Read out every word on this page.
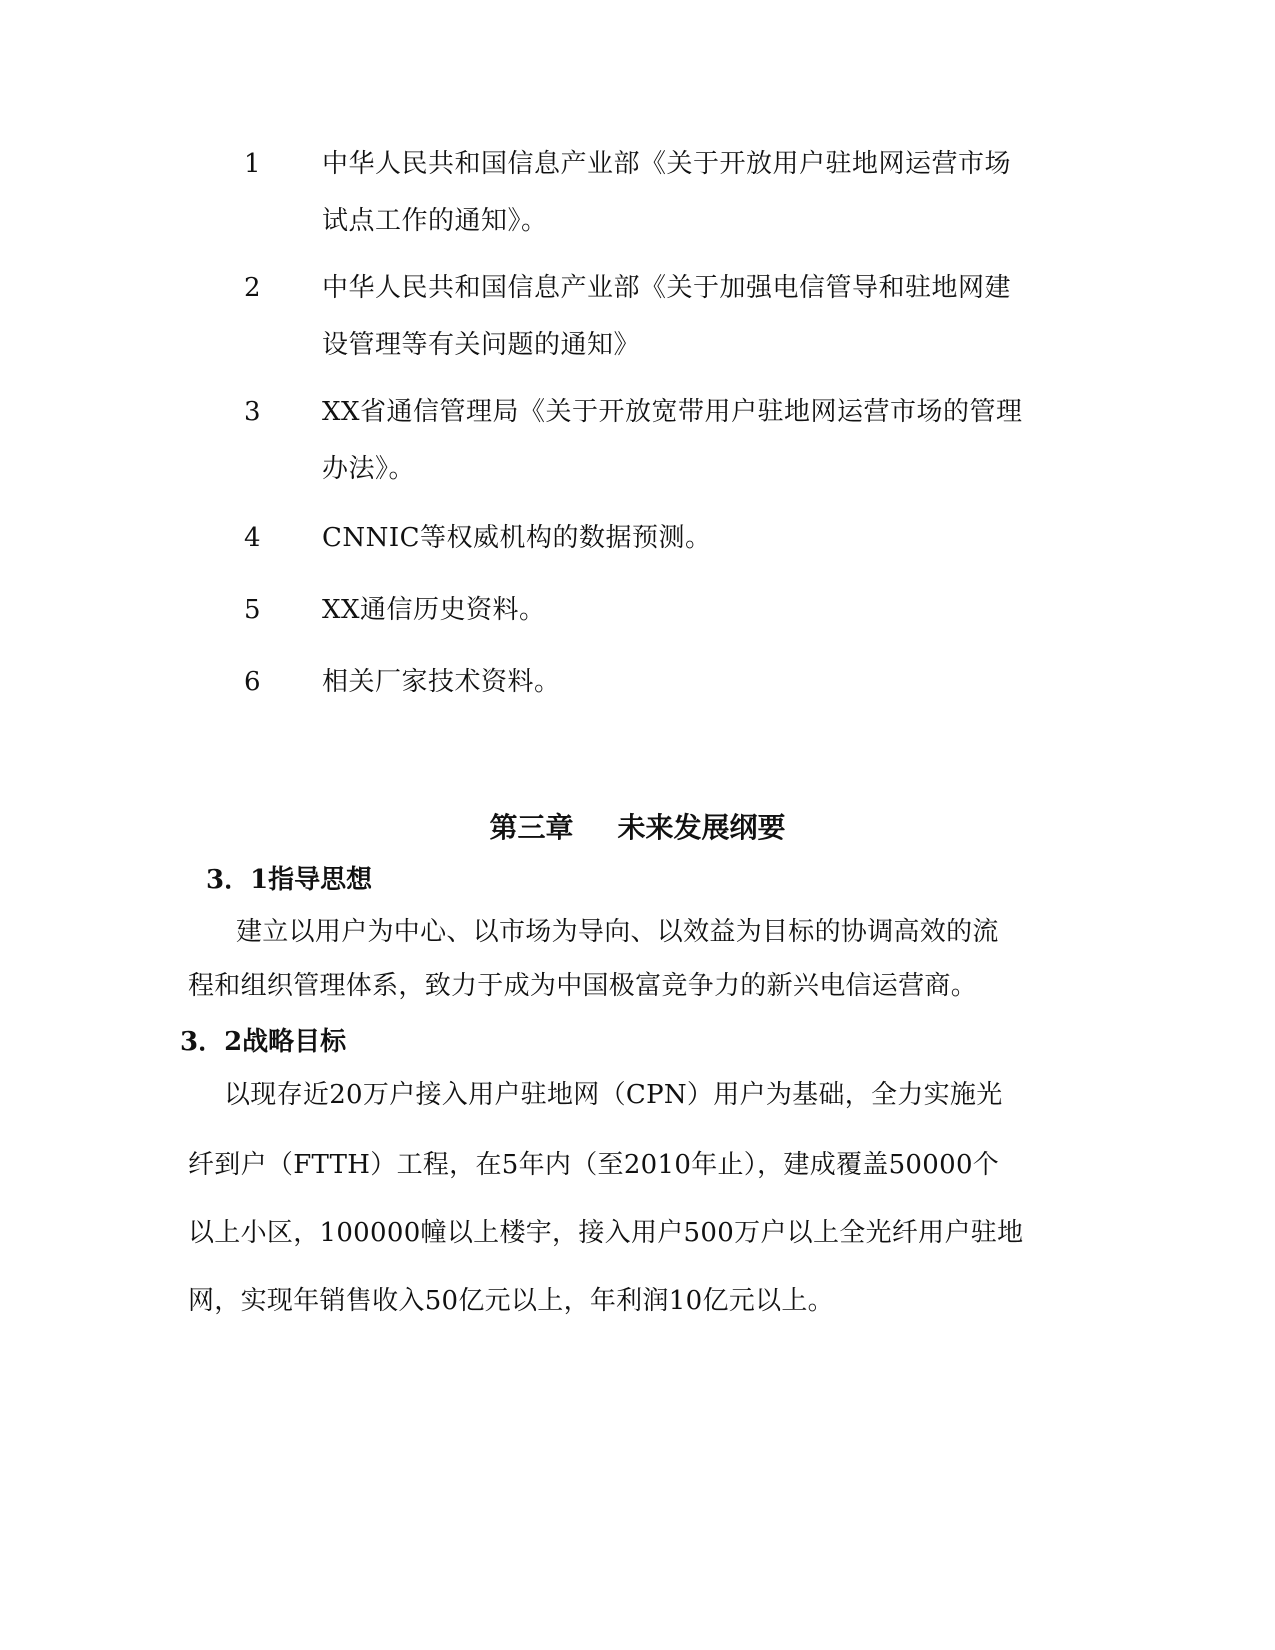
1	中华人民共和国信息产业部《关于开放用户驻地网运营市场
试点工作的通知》。
2	中华人民共和国信息产业部《关于加强电信管导和驻地网建
设管理等有关问题的通知》
3	XX省通信管理局《关于开放宽带用户驻地网运营市场的管理
办法》。
4	CNNIC等权威机构的数据预测。
5	XX通信历史资料。
6	相关厂家技术资料。
第三章 未来发展纲要
3．1指导思想
建立以用户为中心、以市场为导向、以效益为目标的协调高效的流
程和组织管理体系，致力于成为中国极富竞争力的新兴电信运营商。
3．2战略目标
以现存近20万户接入用户驻地网（CPN）用户为基础，全力实施光
纤到户（FTTH）工程，在5年内（至2010年止），建成覆盖50000个
以上小区，100000幢以上楼宇，接入用户500万户以上全光纤用户驻地
网，实现年销售收入50亿元以上，年利润10亿元以上。
